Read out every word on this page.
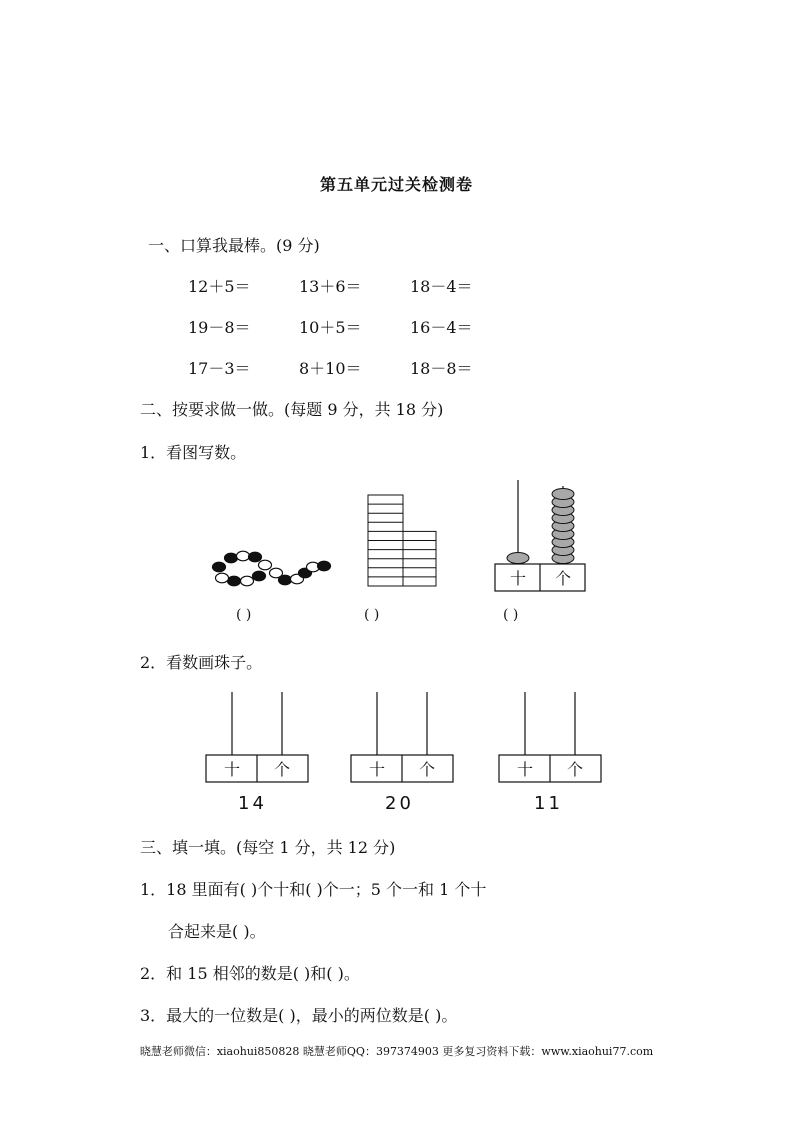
第五单元过关检测卷
一、口算我最棒。(9 分)
12＋5＝	13＋6＝	18－4＝
19－8＝	10＋5＝	16－4＝
17－3＝	8＋10＝	18－8＝
二、按要求做一做。(每题 9 分，共 18 分)
1．看图写数。
十 个
( )	( )	( )
2．看数画珠子。
十 个	十 个	十 个
14	20	11
三、填一填。(每空 1 分，共 12 分)
1．18 里面有( )个十和( )个一；5 个一和 1 个十
合起来是( )。
2．和 15 相邻的数是( )和( )。
3．最大的一位数是( )，最小的两位数是( )。
晓慧老师微信：xiaohui850828 晓慧老师QQ：397374903 更多复习资料下载：www.xiaohui77.com
